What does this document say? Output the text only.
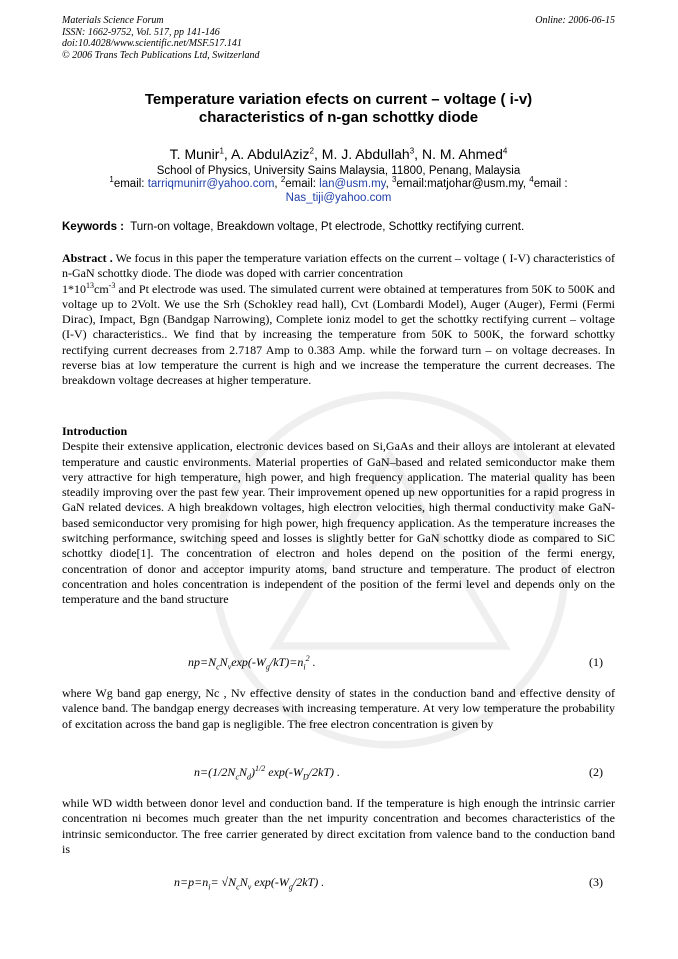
Materials Science Forum
ISSN: 1662-9752, Vol. 517, pp 141-146
doi:10.4028/www.scientific.net/MSF.517.141
© 2006 Trans Tech Publications Ltd, Switzerland
Online: 2006-06-15
Temperature variation efects on current – voltage ( i-v)
characteristics of n-gan schottky diode
T. Munir$^1$, A. AbdulAziz$^2$, M. J. Abdullah$^3$, N. M. Ahmed$^4$
School of Physics, University Sains Malaysia, 11800, Penang, Malaysia
$^1$email: tarriqmunirr@yahoo.com, $^2$email: lan@usm.my, $^3$email:matjohar@usm.my, $^4$email :
Nas_tiji@yahoo.com
Keywords : Turn-on voltage, Breakdown voltage, Pt electrode, Schottky rectifying current.
Abstract . We focus in this paper the temperature variation effects on the current – voltage ( I-V) characteristics of n-GaN schottky diode. The diode was doped with carrier concentration
$1*10^{13}cm^{-3}$ and Pt electrode was used. The simulated current were obtained at temperatures from 50K to 500K and voltage up to 2Volt. We use the Srh (Schokley read hall), Cvt (Lombardi Model), Auger (Auger), Fermi (Fermi Dirac), Impact, Bgn (Bandgap Narrowing), Complete ioniz model to get the schottky rectifying current – voltage (I-V) characteristics.. We find that by increasing the temperature from 50K to 500K, the forward schottky rectifying current decreases from 2.7187 Amp to 0.383 Amp. while the forward turn – on voltage decreases. In reverse bias at low temperature the current is high and we increase the temperature the current decreases. The breakdown voltage decreases at higher temperature.
Introduction
Despite their extensive application, electronic devices based on Si,GaAs and their alloys are intolerant at elevated temperature and caustic environments. Material properties of GaN–based and related semiconductor make them very attractive for high temperature, high power, and high frequency application. The material quality has been steadily improving over the past few year. Their improvement opened up new opportunities for a rapid progress in GaN related devices. A high breakdown voltages, high electron velocities, high thermal conductivity make GaN-based semiconductor very promising for high power, high frequency application. As the temperature increases the switching performance, switching speed and losses is slightly better for GaN schottky diode as compared to SiC schottky diode[1]. The concentration of electron and holes depend on the position of the fermi energy, concentration of donor and acceptor impurity atoms, band structure and temperature. The product of electron concentration and holes concentration is independent of the position of the fermi level and depends only on the temperature and the band structure
$np=N_cN_v\exp(-W_g/kT)=n_i^2$ .	(1)
where Wg band gap energy, Nc , Nv effective density of states in the conduction band and effective density of valence band. The bandgap energy decreases with increasing temperature. At very low temperature the probability of excitation across the band gap is negligible. The free electron concentration is given by
$n=(1/2N_cN_d)^{1/2}$ $\exp(-W_D/2kT)$ .	(2)
while WD width between donor level and conduction band. If the temperature is high enough the intrinsic carrier concentration ni becomes much greater than the net impurity concentration and becomes characteristics of the intrinsic semiconductor. The free carrier generated by direct excitation from valence band to the conduction band is
$n=p=n_i= √N_cN_v$ $\exp(-W_g/2kT)$ .	(3)
